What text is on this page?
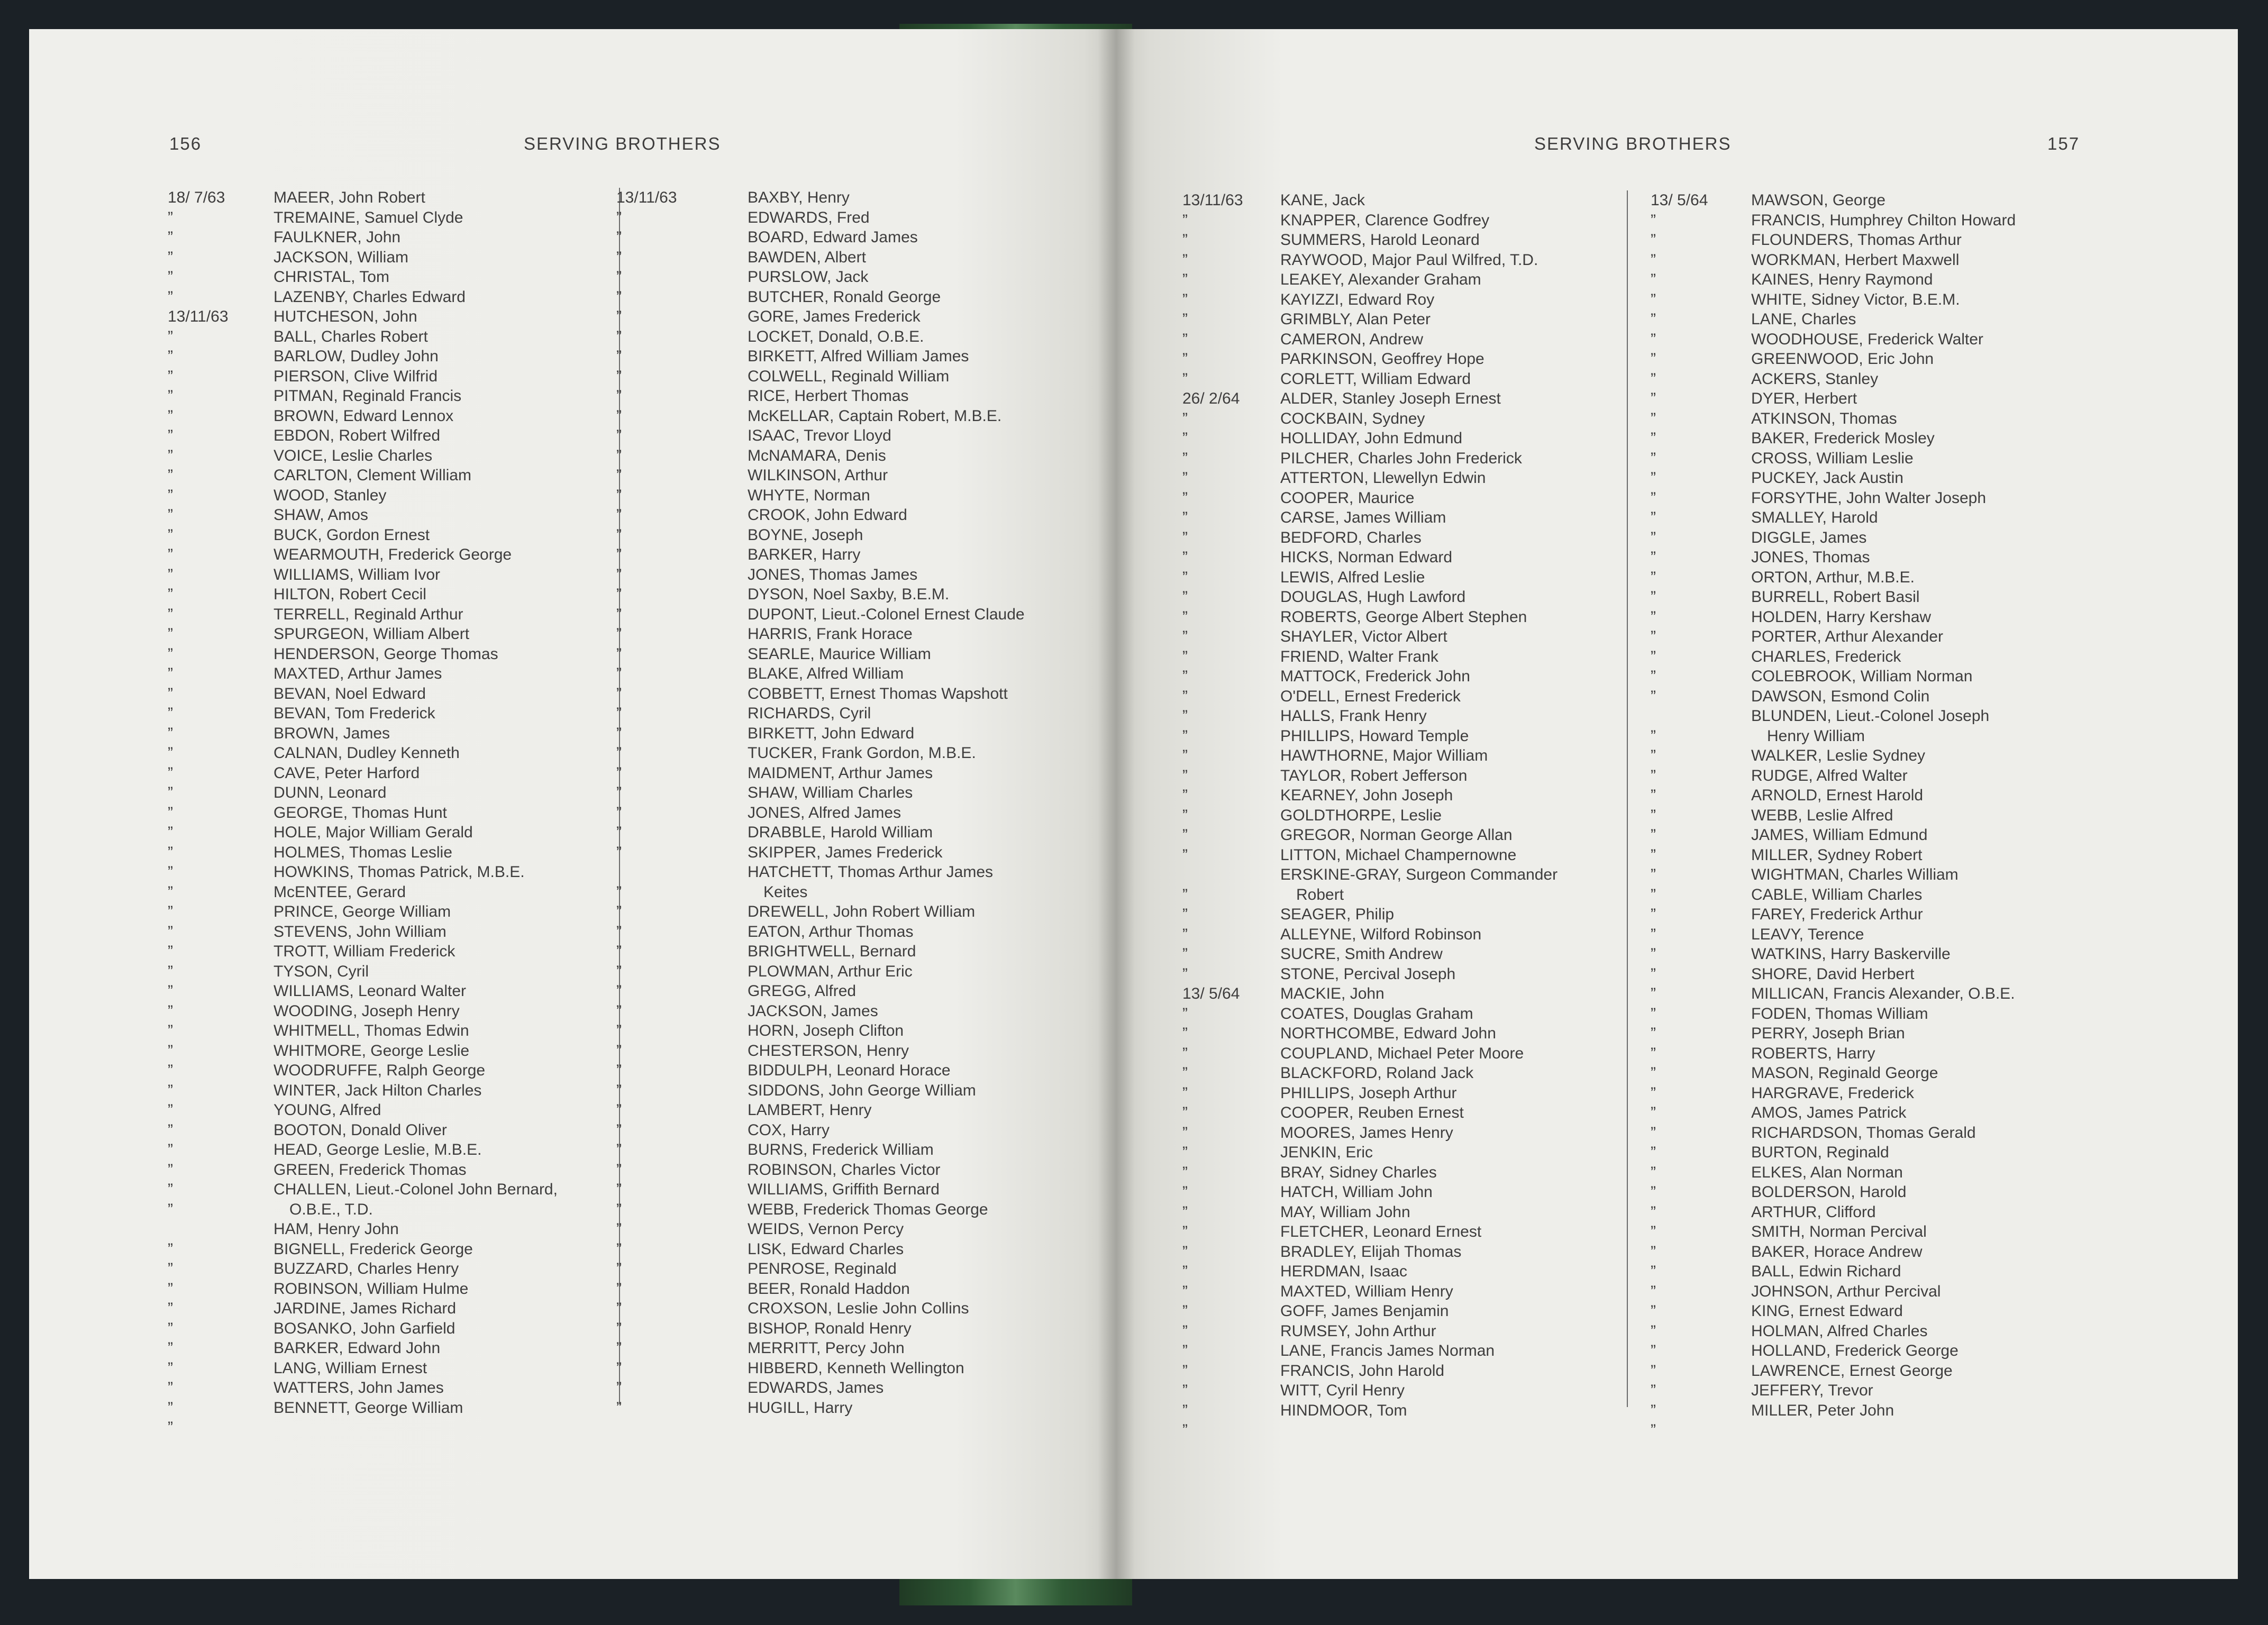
156	SERVING BROTHERS
18/ 7/63
”
”
”
”
”
13/11/63
”
”
”
”
”
”
”
”
”
”
”
”
”
”
”
”
”
”
”
”
”
”
”
”
”
”
”
”
”
”
”
”
”
”
”
”
”
”
”
”
”
”
”
”
”
”
”
”
”
”
”
”
”
”
”
MAEER, John Robert
TREMAINE, Samuel Clyde
FAULKNER, John
JACKSON, William
CHRISTAL, Tom
LAZENBY, Charles Edward
HUTCHESON, John
BALL, Charles Robert
BARLOW, Dudley John
PIERSON, Clive Wilfrid
PITMAN, Reginald Francis
BROWN, Edward Lennox
EBDON, Robert Wilfred
VOICE, Leslie Charles
CARLTON, Clement William
WOOD, Stanley
SHAW, Amos
BUCK, Gordon Ernest
WEARMOUTH, Frederick George
WILLIAMS, William Ivor
HILTON, Robert Cecil
TERRELL, Reginald Arthur
SPURGEON, William Albert
HENDERSON, George Thomas
MAXTED, Arthur James
BEVAN, Noel Edward
BEVAN, Tom Frederick
BROWN, James
CALNAN, Dudley Kenneth
CAVE, Peter Harford
DUNN, Leonard
GEORGE, Thomas Hunt
HOLE, Major William Gerald
HOLMES, Thomas Leslie
HOWKINS, Thomas Patrick, M.B.E.
McENTEE, Gerard
PRINCE, George William
STEVENS, John William
TROTT, William Frederick
TYSON, Cyril
WILLIAMS, Leonard Walter
WOODING, Joseph Henry
WHITMELL, Thomas Edwin
WHITMORE, George Leslie
WOODRUFFE, Ralph George
WINTER, Jack Hilton Charles
YOUNG, Alfred
BOOTON, Donald Oliver
HEAD, George Leslie, M.B.E.
GREEN, Frederick Thomas
CHALLEN, Lieut.-Colonel John Bernard,
 O.B.E., T.D.
HAM, Henry John
BIGNELL, Frederick George
BUZZARD, Charles Henry
ROBINSON, William Hulme
JARDINE, James Richard
BOSANKO, John Garfield
BARKER, Edward John
LANG, William Ernest
WATTERS, John James
BENNETT, George William
13/11/63
”
”
”
”
”
”
”
”
”
”
”
”
”
”
”
”
”
”
”
”
”
”
”
”
”
”
”
”
”
”
”
”
”
”
”
”
”
”
”
”
”
”
”
”
”
”
”
”
”
”
”
”
”
”
”
”
”
”
”
”
BAXBY, Henry
EDWARDS, Fred
BOARD, Edward James
BAWDEN, Albert
PURSLOW, Jack
BUTCHER, Ronald George
GORE, James Frederick
LOCKET, Donald, O.B.E.
BIRKETT, Alfred William James
COLWELL, Reginald William
RICE, Herbert Thomas
McKELLAR, Captain Robert, M.B.E.
ISAAC, Trevor Lloyd
McNAMARA, Denis
WILKINSON, Arthur
WHYTE, Norman
CROOK, John Edward
BOYNE, Joseph
BARKER, Harry
JONES, Thomas James
DYSON, Noel Saxby, B.E.M.
DUPONT, Lieut.-Colonel Ernest Claude
HARRIS, Frank Horace
SEARLE, Maurice William
BLAKE, Alfred William
COBBETT, Ernest Thomas Wapshott
RICHARDS, Cyril
BIRKETT, John Edward
TUCKER, Frank Gordon, M.B.E.
MAIDMENT, Arthur James
SHAW, William Charles
JONES, Alfred James
DRABBLE, Harold William
SKIPPER, James Frederick
HATCHETT, Thomas Arthur James
 Keites
DREWELL, John Robert William
EATON, Arthur Thomas
BRIGHTWELL, Bernard
PLOWMAN, Arthur Eric
GREGG, Alfred
JACKSON, James
HORN, Joseph Clifton
CHESTERSON, Henry
BIDDULPH, Leonard Horace
SIDDONS, John George William
LAMBERT, Henry
COX, Harry
BURNS, Frederick William
ROBINSON, Charles Victor
WILLIAMS, Griffith Bernard
WEBB, Frederick Thomas George
WEIDS, Vernon Percy
LISK, Edward Charles
PENROSE, Reginald
BEER, Ronald Haddon
CROXSON, Leslie John Collins
BISHOP, Ronald Henry
MERRITT, Percy John
HIBBERD, Kenneth Wellington
EDWARDS, James
HUGILL, Harry
SERVING BROTHERS	157
13/11/63
”
”
”
”
”
”
”
”
”
26/ 2/64
”
”
”
”
”
”
”
”
”
”
”
”
”
”
”
”
”
”
”
”
”
”
”
”
”
”
”
”
13/ 5/64
”
”
”
”
”
”
”
”
”
”
”
”
”
”
”
”
”
”
”
”
”
”
KANE, Jack
KNAPPER, Clarence Godfrey
SUMMERS, Harold Leonard
RAYWOOD, Major Paul Wilfred, T.D.
LEAKEY, Alexander Graham
KAYIZZI, Edward Roy
GRIMBLY, Alan Peter
CAMERON, Andrew
PARKINSON, Geoffrey Hope
CORLETT, William Edward
ALDER, Stanley Joseph Ernest
COCKBAIN, Sydney
HOLLIDAY, John Edmund
PILCHER, Charles John Frederick
ATTERTON, Llewellyn Edwin
COOPER, Maurice
CARSE, James William
BEDFORD, Charles
HICKS, Norman Edward
LEWIS, Alfred Leslie
DOUGLAS, Hugh Lawford
ROBERTS, George Albert Stephen
SHAYLER, Victor Albert
FRIEND, Walter Frank
MATTOCK, Frederick John
O'DELL, Ernest Frederick
HALLS, Frank Henry
PHILLIPS, Howard Temple
HAWTHORNE, Major William
TAYLOR, Robert Jefferson
KEARNEY, John Joseph
GOLDTHORPE, Leslie
GREGOR, Norman George Allan
LITTON, Michael Champernowne
ERSKINE-GRAY, Surgeon Commander
 Robert
SEAGER, Philip
ALLEYNE, Wilford Robinson
SUCRE, Smith Andrew
STONE, Percival Joseph
MACKIE, John
COATES, Douglas Graham
NORTHCOMBE, Edward John
COUPLAND, Michael Peter Moore
BLACKFORD, Roland Jack
PHILLIPS, Joseph Arthur
COOPER, Reuben Ernest
MOORES, James Henry
JENKIN, Eric
BRAY, Sidney Charles
HATCH, William John
MAY, William John
FLETCHER, Leonard Ernest
BRADLEY, Elijah Thomas
HERDMAN, Isaac
MAXTED, William Henry
GOFF, James Benjamin
RUMSEY, John Arthur
LANE, Francis James Norman
FRANCIS, John Harold
WITT, Cyril Henry
HINDMOOR, Tom
13/ 5/64
”
”
”
”
”
”
”
”
”
”
”
”
”
”
”
”
”
”
”
”
”
”
”
”
”
”
”
”
”
”
”
”
”
”
”
”
”
”
”
”
”
”
”
”
”
”
”
”
”
”
”
”
”
”
”
”
”
”
”
”
”
MAWSON, George
FRANCIS, Humphrey Chilton Howard
FLOUNDERS, Thomas Arthur
WORKMAN, Herbert Maxwell
KAINES, Henry Raymond
WHITE, Sidney Victor, B.E.M.
LANE, Charles
WOODHOUSE, Frederick Walter
GREENWOOD, Eric John
ACKERS, Stanley
DYER, Herbert
ATKINSON, Thomas
BAKER, Frederick Mosley
CROSS, William Leslie
PUCKEY, Jack Austin
FORSYTHE, John Walter Joseph
SMALLEY, Harold
DIGGLE, James
JONES, Thomas
ORTON, Arthur, M.B.E.
BURRELL, Robert Basil
HOLDEN, Harry Kershaw
PORTER, Arthur Alexander
CHARLES, Frederick
COLEBROOK, William Norman
DAWSON, Esmond Colin
BLUNDEN, Lieut.-Colonel Joseph
 Henry William
WALKER, Leslie Sydney
RUDGE, Alfred Walter
ARNOLD, Ernest Harold
WEBB, Leslie Alfred
JAMES, William Edmund
MILLER, Sydney Robert
WIGHTMAN, Charles William
CABLE, William Charles
FAREY, Frederick Arthur
LEAVY, Terence
WATKINS, Harry Baskerville
SHORE, David Herbert
MILLICAN, Francis Alexander, O.B.E.
FODEN, Thomas William
PERRY, Joseph Brian
ROBERTS, Harry
MASON, Reginald George
HARGRAVE, Frederick
AMOS, James Patrick
RICHARDSON, Thomas Gerald
BURTON, Reginald
ELKES, Alan Norman
BOLDERSON, Harold
ARTHUR, Clifford
SMITH, Norman Percival
BAKER, Horace Andrew
BALL, Edwin Richard
JOHNSON, Arthur Percival
KING, Ernest Edward
HOLMAN, Alfred Charles
HOLLAND, Frederick George
LAWRENCE, Ernest George
JEFFERY, Trevor
MILLER, Peter John
